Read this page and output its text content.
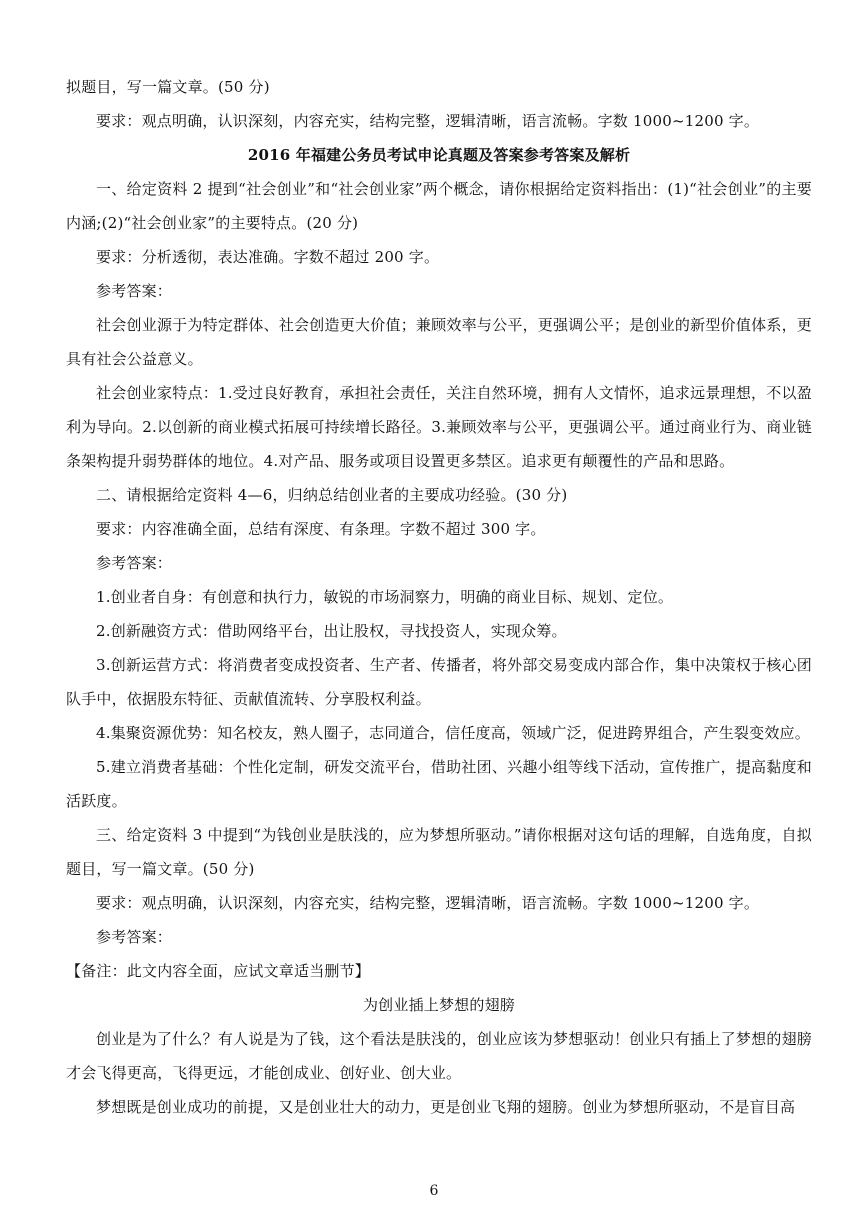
拟题目，写一篇文章。(50 分)

要求：观点明确，认识深刻，内容充实，结构完整，逻辑清晰，语言流畅。字数 1000~1200 字。

2016 年福建公务员考试申论真题及答案参考答案及解析

一、给定资料 2 提到“社会创业”和“社会创业家”两个概念，请你根据给定资料指出：(1)“社会创业”的主要内涵;(2)“社会创业家”的主要特点。(20 分)

要求：分析透彻，表达准确。字数不超过 200 字。

参考答案：

社会创业源于为特定群体、社会创造更大价值；兼顾效率与公平，更强调公平；是创业的新型价值体系，更具有社会公益意义。

社会创业家特点：1.受过良好教育，承担社会责任，关注自然环境，拥有人文情怀，追求远景理想，不以盈利为导向。2.以创新的商业模式拓展可持续增长路径。3.兼顾效率与公平，更强调公平。通过商业行为、商业链条架构提升弱势群体的地位。4.对产品、服务或项目设置更多禁区。追求更有颠覆性的产品和思路。

二、请根据给定资料 4—6，归纳总结创业者的主要成功经验。(30 分)

要求：内容准确全面，总结有深度、有条理。字数不超过 300 字。

参考答案：

1.创业者自身：有创意和执行力，敏锐的市场洞察力，明确的商业目标、规划、定位。

2.创新融资方式：借助网络平台，出让股权，寻找投资人，实现众筹。

3.创新运营方式：将消费者变成投资者、生产者、传播者，将外部交易变成内部合作，集中决策权于核心团队手中，依据股东特征、贡献值流转、分享股权利益。

4.集聚资源优势：知名校友，熟人圈子，志同道合，信任度高，领域广泛，促进跨界组合，产生裂变效应。

5.建立消费者基础：个性化定制，研发交流平台，借助社团、兴趣小组等线下活动，宣传推广，提高黏度和活跃度。

三、给定资料 3 中提到“为钱创业是肤浅的，应为梦想所驱动。”请你根据对这句话的理解，自选角度，自拟题目，写一篇文章。(50 分)

要求：观点明确，认识深刻，内容充实，结构完整，逻辑清晰，语言流畅。字数 1000~1200 字。

参考答案：

【备注：此文内容全面，应试文章适当删节】

为创业插上梦想的翅膀

创业是为了什么？有人说是为了钱，这个看法是肤浅的，创业应该为梦想驱动！创业只有插上了梦想的翅膀才会飞得更高，飞得更远，才能创成业、创好业、创大业。

梦想既是创业成功的前提，又是创业壮大的动力，更是创业飞翔的翅膀。创业为梦想所驱动，不是盲目高

6
